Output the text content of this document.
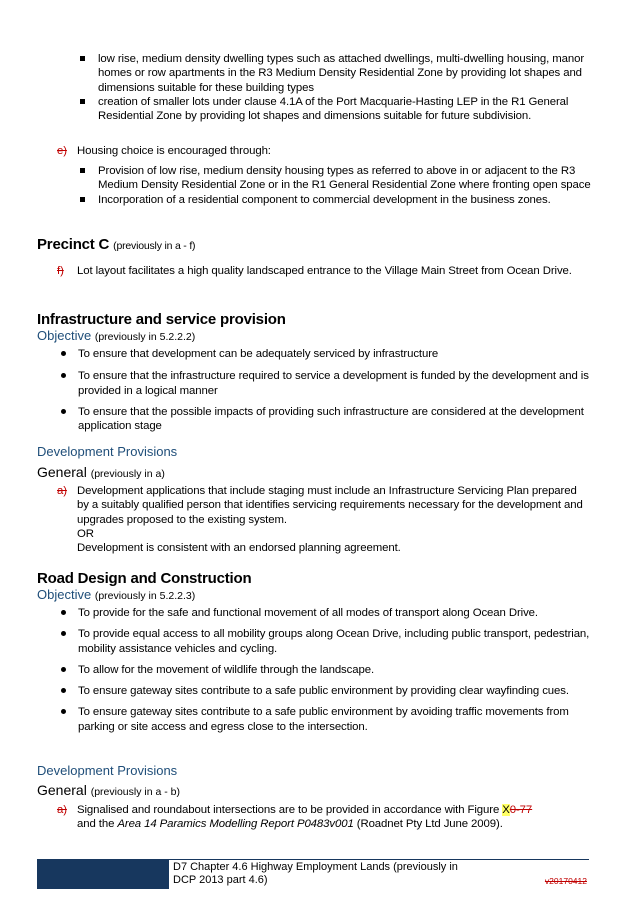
low rise, medium density dwelling types such as attached dwellings, multi-dwelling housing, manor homes or row apartments in the R3 Medium Density Residential Zone by providing lot shapes and dimensions suitable for these building types
creation of smaller lots under clause 4.1A of the Port Macquarie-Hasting LEP in the R1 General Residential Zone by providing lot shapes and dimensions suitable for future subdivision.
e) Housing choice is encouraged through:
Provision of low rise, medium density housing types as referred to above in or adjacent to the R3 Medium Density Residential Zone or in the R1 General Residential Zone where fronting open space
Incorporation of a residential component to commercial development in the business zones.
Precinct C (previously in a - f)
f)	Lot layout facilitates a high quality landscaped entrance to the Village Main Street from Ocean Drive.
Infrastructure and service provision
Objective (previously in 5.2.2.2)
To ensure that development can be adequately serviced by infrastructure
To ensure that the infrastructure required to service a development is funded by the development and is provided in a logical manner
To ensure that the possible impacts of providing such infrastructure are considered at the development application stage
Development Provisions
General (previously in a)
a) Development applications that include staging must include an Infrastructure Servicing Plan prepared by a suitably qualified person that identifies servicing requirements necessary for the development and upgrades proposed to the existing system.
OR
Development is consistent with an endorsed planning agreement.
Road Design and Construction
Objective (previously in 5.2.2.3)
To provide for the safe and functional movement of all modes of transport along Ocean Drive.
To provide equal access to all mobility groups along Ocean Drive, including public transport, pedestrian, mobility assistance vehicles and cycling.
To allow for the movement of wildlife through the landscape.
To ensure gateway sites contribute to a safe public environment by providing clear wayfinding cues.
To ensure gateway sites contribute to a safe public environment by avoiding traffic movements from parking or site access and egress close to the intersection.
Development Provisions
General (previously in a - b)
a) Signalised and roundabout intersections are to be provided in accordance with Figure X0-77
and the Area 14 Paramics Modelling Report P0483v001 (Roadnet Pty Ltd June 2009).
D7 Chapter 4.6 Highway Employment Lands (previously in DCP 2013 part 4.6)	v20170412
